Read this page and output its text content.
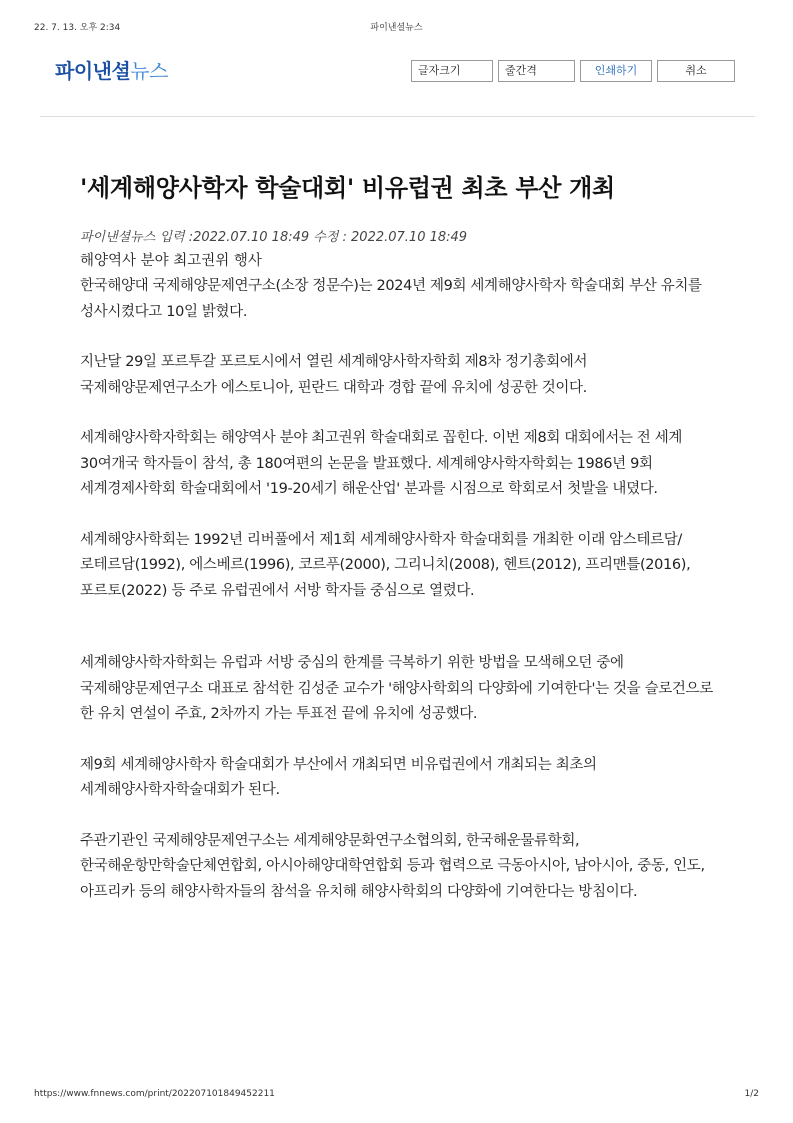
22. 7. 13. 오후 2:34	파이낸셜뉴스
파이낸셜뉴스	글자크기	줄간격	인쇄하기	취소
'세계해양사학자 학술대회' 비유럽권 최초 부산 개최
파이낸셜뉴스 입력 :2022.07.10 18:49 수정 : 2022.07.10 18:49
해양역사 분야 최고권위 행사

한국해양대 국제해양문제연구소(소장 정문수)는 2024년 제9회 세계해양사학자 학술대회 부산 유치를 성사시켰다고 10일 밝혔다.

지난달 29일 포르투갈 포르토시에서 열린 세계해양사학자학회 제8차 정기총회에서 국제해양문제연구소가 에스토니아, 핀란드 대학과 경합 끝에 유치에 성공한 것이다.

세계해양사학자학회는 해양역사 분야 최고권위 학술대회로 꼽힌다. 이번 제8회 대회에서는 전 세계 30여개국 학자들이 참석, 총 180여편의 논문을 발표했다. 세계해양사학자학회는 1986년 9회 세계경제사학회 학술대회에서 '19-20세기 해운산업' 분과를 시점으로 학회로서 첫발을 내뎠다.

세계해양사학회는 1992년 리버풀에서 제1회 세계해양사학자 학술대회를 개최한 이래 암스테르담/로테르담(1992), 에스베르(1996), 코르푸(2000), 그리니치(2008), 헨트(2012), 프리맨틀(2016), 포르토(2022) 등 주로 유럽권에서 서방 학자들 중심으로 열렸다.

세계해양사학자학회는 유럽과 서방 중심의 한계를 극복하기 위한 방법을 모색해오던 중에 국제해양문제연구소 대표로 참석한 김성준 교수가 '해양사학회의 다양화에 기여한다'는 것을 슬로건으로 한 유치 연설이 주효, 2차까지 가는 투표전 끝에 유치에 성공했다.

제9회 세계해양사학자 학술대회가 부산에서 개최되면 비유럽권에서 개최되는 최초의 세계해양사학자학술대회가 된다.

주관기관인 국제해양문제연구소는 세계해양문화연구소협의회, 한국해운물류학회, 한국해운항만학술단체연합회, 아시아해양대학연합회 등과 협력으로 극동아시아, 남아시아, 중동, 인도, 아프리카 등의 해양사학자들의 참석을 유치해 해양사학회의 다양화에 기여한다는 방침이다.

https://www.fnnews.com/print/202207101849452211	1/2
